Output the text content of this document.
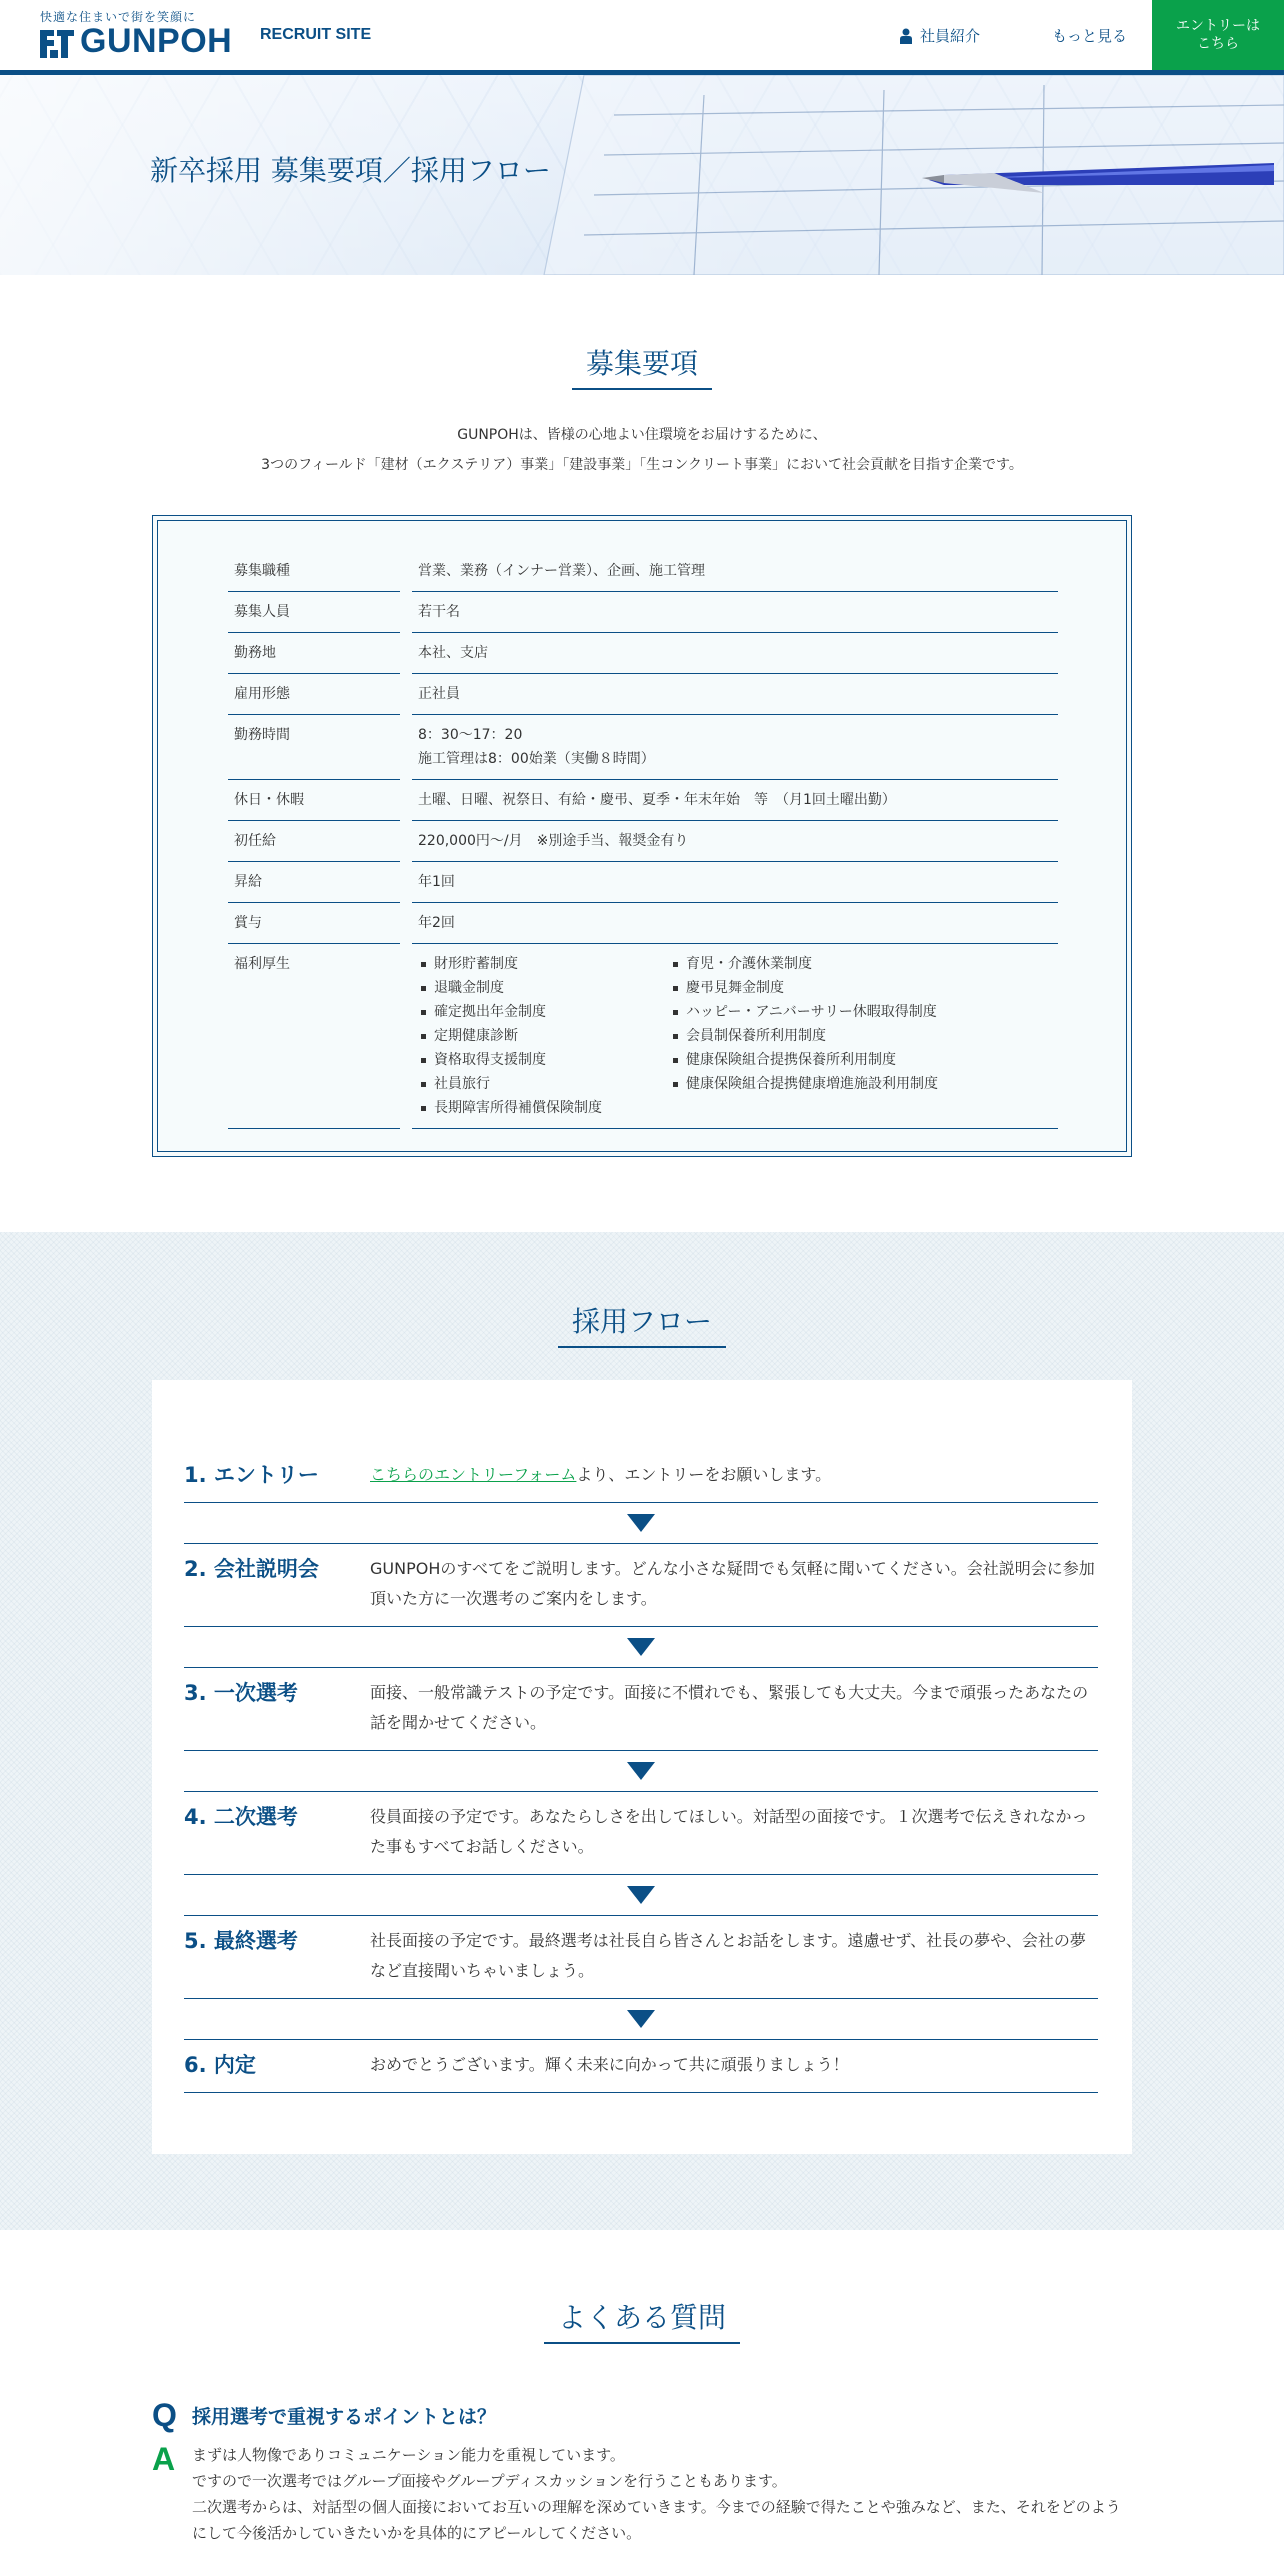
快適な住まいで街を笑顔に
GUNPOH RECRUIT SITE	社員紹介	もっと見る
エントリーは
こちら
新卒採用 募集要項／採用フロー
募集要項
GUNPOHは、皆様の心地よい住環境をお届けするために、
3つのフィールド「建材（エクステリア）事業」「建設事業」「生コンクリート事業」において社会貢献を目指す企業です。
募集職種	営業、業務（インナー営業）、企画、施工管理
募集人員	若干名
勤務地	本社、支店
雇用形態	正社員
勤務時間	8：30～17：20
施工管理は8：00始業（実働８時間）
休日・休暇	土曜、日曜、祝祭日、有給・慶弔、夏季・年末年始　等　（月1回土曜出勤）
初任給	220,000円～/月　※別途手当、報奨金有り
昇給	年1回
賞与	年2回
福利厚生	財形貯蓄制度
退職金制度
確定拠出年金制度
定期健康診断
資格取得支援制度
社員旅行
長期障害所得補償保険制度
育児・介護休業制度
慶弔見舞金制度
ハッピー・アニバーサリー休暇取得制度
会員制保養所利用制度
健康保険組合提携保養所利用制度
健康保険組合提携健康増進施設利用制度
採用フロー
1. エントリー	こちらのエントリーフォームより、エントリーをお願いします。
2. 会社説明会	GUNPOHのすべてをご説明します。どんな小さな疑問でも気軽に聞いてください。会社説明会に参加頂いた方に一次選考のご案内をします。
3. 一次選考	面接、一般常識テストの予定です。面接に不慣れでも、緊張しても大丈夫。今まで頑張ったあなたの話を聞かせてください。
4. 二次選考	役員面接の予定です。あなたらしさを出してほしい。対話型の面接です。１次選考で伝えきれなかった事もすべてお話しください。
5. 最終選考	社長面接の予定です。最終選考は社長自ら皆さんとお話をします。遠慮せず、社長の夢や、会社の夢など直接聞いちゃいましょう。
6. 内定	おめでとうございます。輝く未来に向かって共に頑張りましょう！
よくある質問
Q 採用選考で重視するポイントとは？
A	まずは人物像でありコミュニケーション能力を重視しています。
ですので一次選考ではグループ面接やグループディスカッションを行うこともあります。
二次選考からは、対話型の個人面接においてお互いの理解を深めていきます。今までの経験で得たことや強みなど、また、それをどのようにして今後活かしていきたいかを具体的にアピールしてください。
